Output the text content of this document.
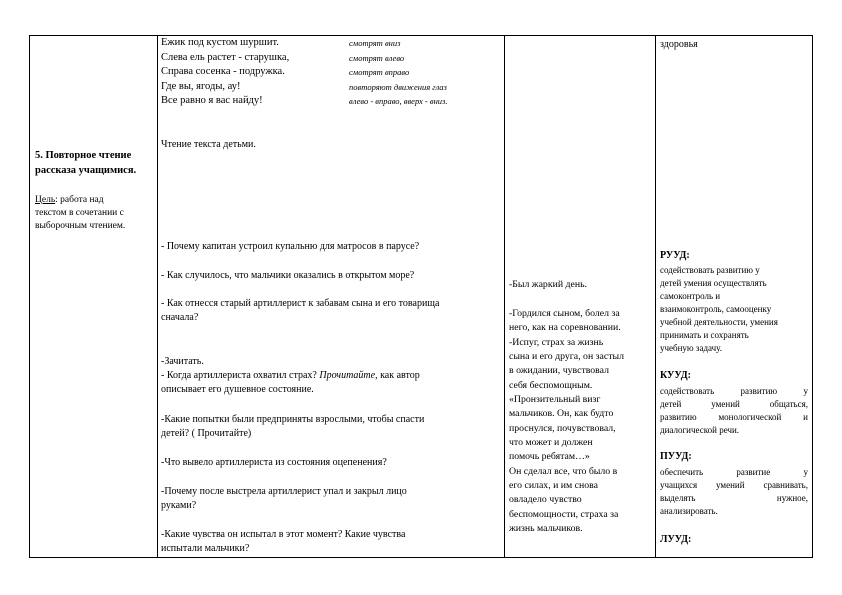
5. Повторное чтение
рассказа учащимися.
Цель: работа над
текстом в сочетании с
выборочным чтением.
Ежик под кустом шуршит.	смотрят вниз
Слева ель растет - старушка,	смотрят влево
Справа сосенка - подружка.	смотрят вправо
Где вы, ягоды, ау!	повторяют движения глаз
Все равно я вас найду!	влево - вправо, вверх - вниз.
Чтение текста детьми.
- Почему капитан устроил купальню для матросов в парусе?
- Как случилось, что мальчики оказались в открытом море?
- Как отнесся старый артиллерист к забавам сына и его товарища
сначала?
-Зачитать.
- Когда артиллериста охватил страх? Прочитайте, как автор
описывает его душевное состояние.
-Какие попытки были предприняты взрослыми, чтобы спасти
детей? ( Прочитайте)
-Что вывело артиллериста из состояния оцепенения?
-Почему после выстрела артиллерист упал и закрыл лицо
руками?
-Какие чувства он испытал в этот момент? Какие чувства
испытали мальчики?
-Был жаркий день.
-Гордился сыном, болел за
него, как на соревновании.
-Испуг, страх за жизнь
сына и его друга, он застыл
в ожидании, чувствовал
себя беспомощным.
«Пронзительный визг
мальчиков. Он, как будто
проснулся, почувствовал,
что может и должен
помочь ребятам…»
Он сделал все, что было в
его силах, и им снова
овладело чувство
беспомощности, страха за
жизнь мальчиков.
здоровья
РУУД:
содействовать развитию у
детей умения осуществлять
самоконтроль и
взаимоконтроль, самооценку
учебной деятельности, умения
принимать и сохранять
учебную задачу.
КУУД:
содействовать развитию у
детей умений общаться,
развитию монологической и
диалогической речи.
ПУУД:
обеспечить развитие у
учащихся умений сравнивать,
выделять нужное,
анализировать.
ЛУУД:
